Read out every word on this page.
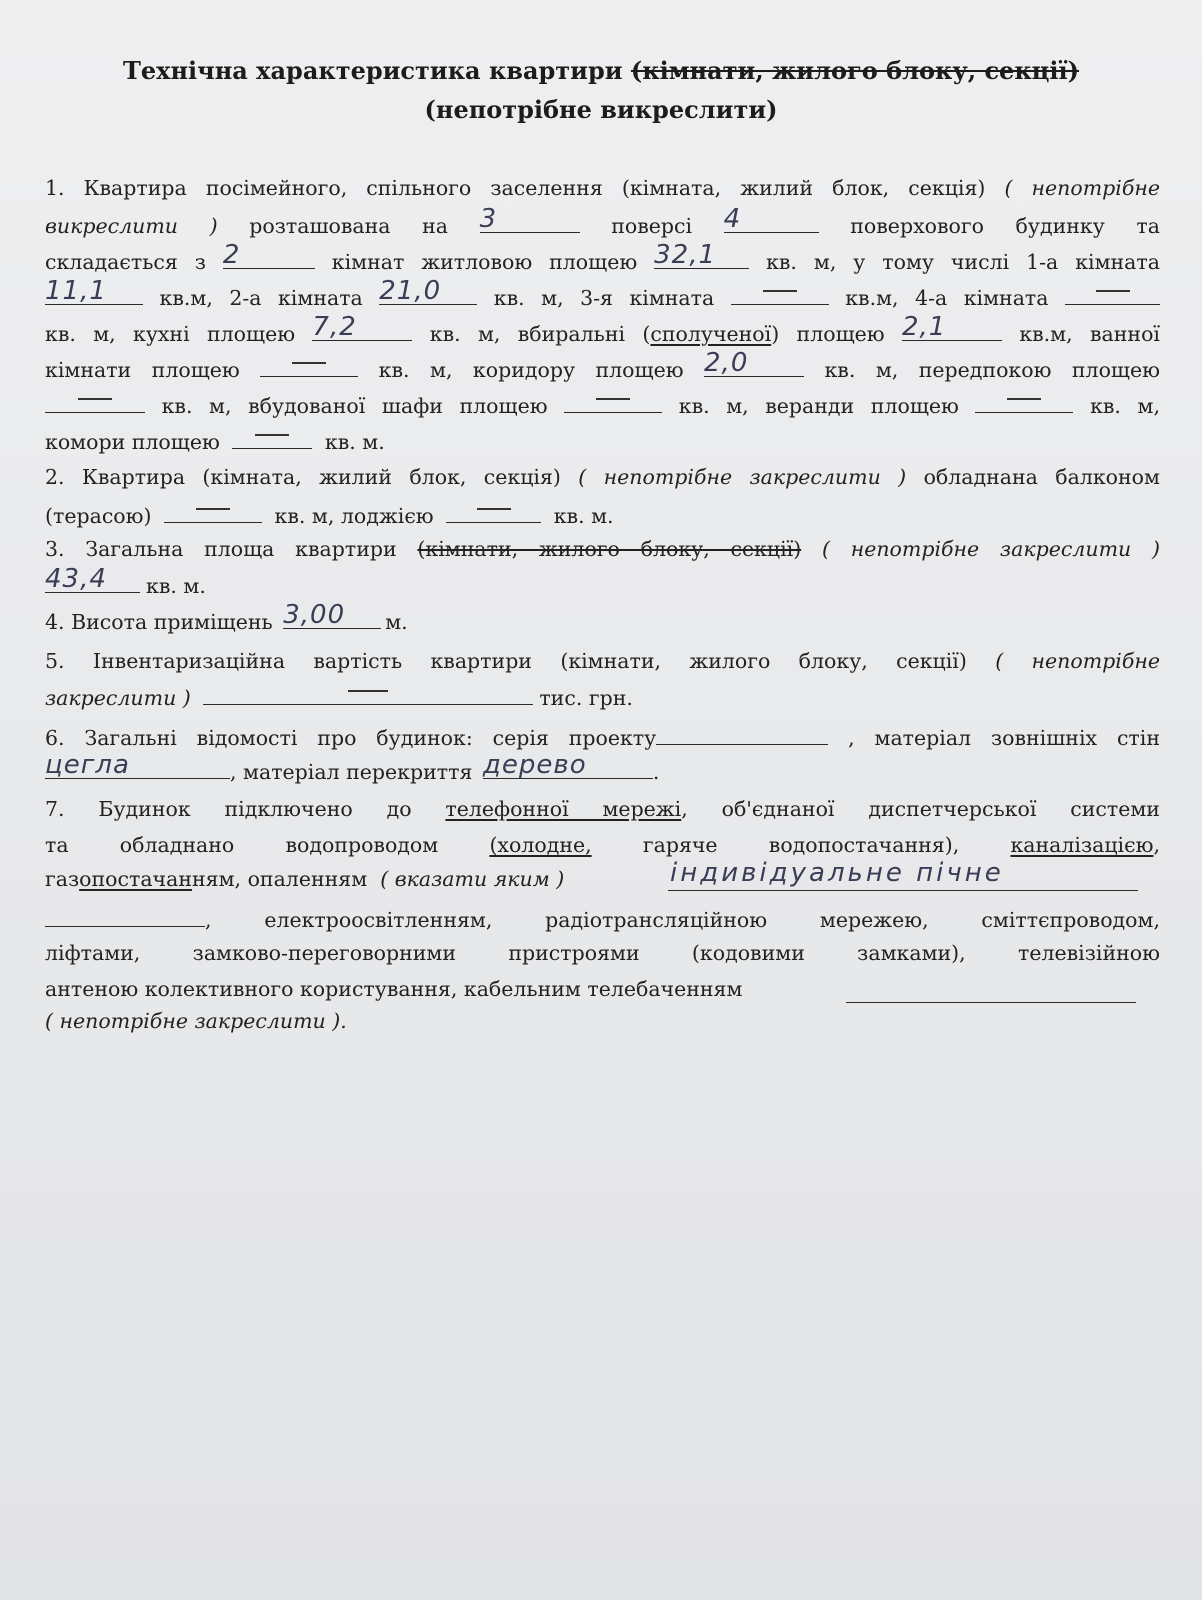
Технічна характеристика квартири (кімнати, жилого блоку, секції)
(непотрібне викреслити)
1. Квартира посімейного, спільного заселення (кімната, жилий блок, секція) ( непотрібне
викреслити ) розташована на 3	поверсі 4	поверхового будинку та
складається з 2	кімнат житловою площею 32,1	кв. м, у тому числі 1-а кімната
11,1	кв.м, 2-а кімната 21,0	кв. м, 3-я кімната	кв.м, 4-а кімната
кв. м, кухні площею 7,2	кв. м, вбиральні (сполученої) площею 2,1	кв.м, ванної
кімнати площею	кв. м, коридору площею 2,0	кв. м, передпокою площею
кв. м, вбудованої шафи площею	кв. м, веранди площею	кв. м,
комори площею	кв. м.
2. Квартира (кімната, жилий блок, секція) ( непотрібне закреслити ) обладнана балконом
(терасою)	кв. м, лоджією	кв. м.
3. Загальна площа квартири (кімнати, жилого блоку, секції) ( непотрібне закреслити )
43,4	кв. м.
4. Висота приміщень 3,00	м.
5. Інвентаризаційна вартість квартири (кімнати, жилого блоку, секції) ( непотрібне
закреслити )	тис. грн.
6. Загальні відомості про будинок: серія проекту	, матеріал зовнішніх стін
цегла	, матеріал перекриття дерево	.
7. Будинок підключено до телефонної мережі, об'єднаної диспетчерської системи
та обладнано водопроводом (холодне, гаряче водопостачання), каналізацією,
газопостачанням, опаленням ( вказати яким )	індивідуальне пічне
, електроосвітленням, радіотрансляційною мережею, сміттєпроводом,
ліфтами, замково-переговорними пристроями (кодовими замками), телевізійною
антеною колективного користування, кабельним телебаченням
( непотрібне закреслити ).
